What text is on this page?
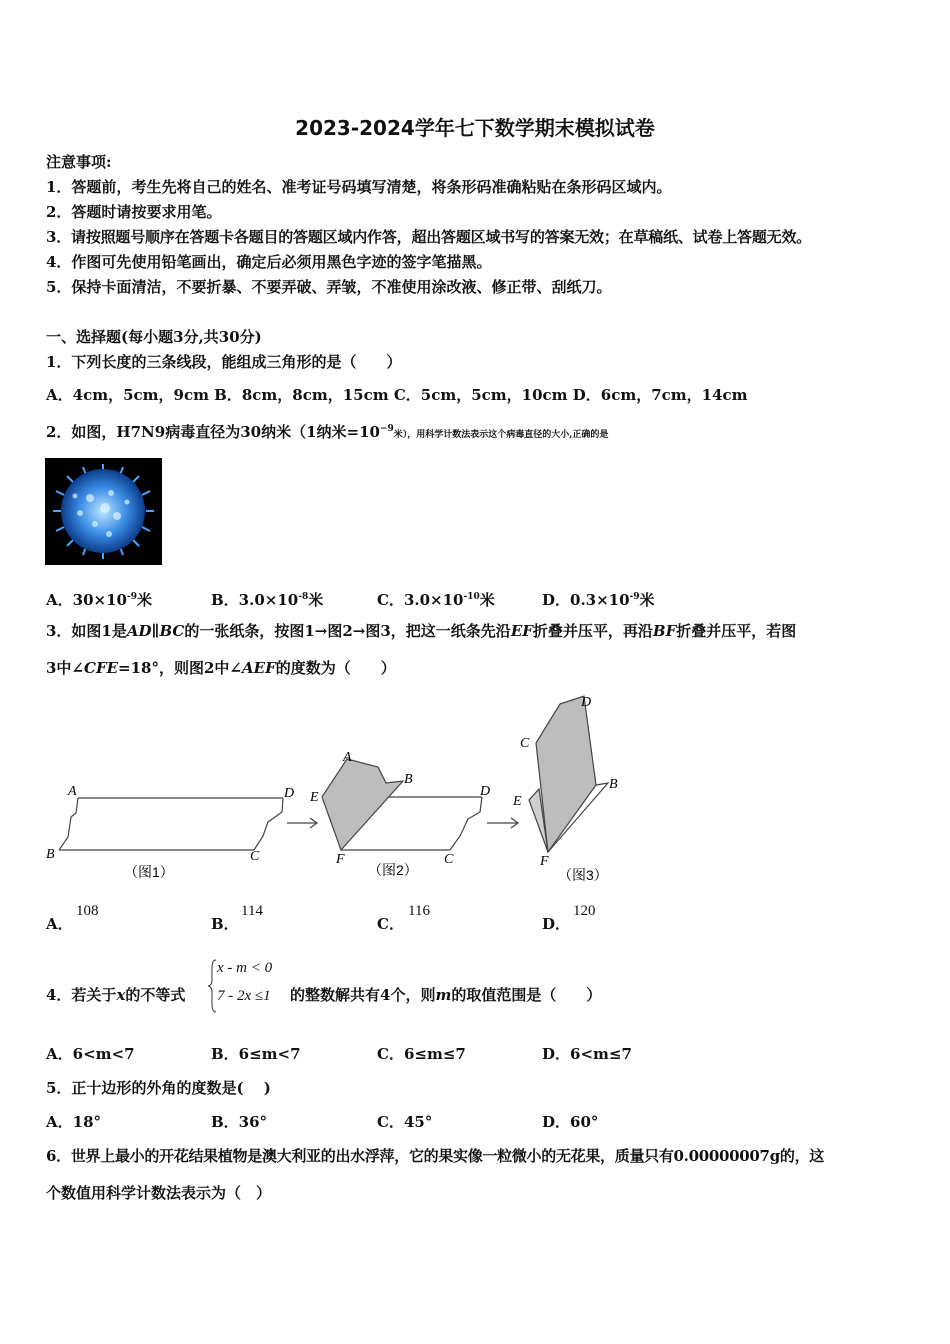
2023-2024学年七下数学期末模拟试卷
注意事项:
1．答题前，考生先将自己的姓名、准考证号码填写清楚，将条形码准确粘贴在条形码区域内。
2．答题时请按要求用笔。
3．请按照题号顺序在答题卡各题目的答题区域内作答，超出答题区域书写的答案无效；在草稿纸、试卷上答题无效。
4．作图可先使用铅笔画出，确定后必须用黑色字迹的签字笔描黑。
5．保持卡面清洁，不要折暴、不要弄破、弄皱，不准使用涂改液、修正带、刮纸刀。
一、选择题(每小题3分,共30分)
1．下列长度的三条线段，能组成三角形的是（　　）
A．4cm，5cm，9cm B．8cm，8cm，15cm C．5cm，5cm，10cm D．6cm，7cm，14cm
2．如图，H7N9病毒直径为30纳米（1纳米$=10^{-9}$米），用科学计数法表示这个病毒直径的大小,正确的是
A．$30\times 10^{-9}$米	B．$3.0\times 10^{-8}$米	C．$3.0\times 10^{-10}$米	D．$0.3\times 10^{-9}$米
3．如图1是AD∥BC的一张纸条，按图1→图2→图3，把这一纸条先沿EF折叠并压平，再沿BF折叠并压平，若图
3中∠CFE=18°，则图2中∠AEF的度数为（　　）
A
B
D
C
（图1）
A
B
E	D
F	C
（图2）
D
C
B
E
F
（图3）
A．
108
B．
114
C．
116
D．
120
4．若关于x的不等式
x - m < 0
7 - 2x ≤1 的整数解共有4个，则m的取值范围是（　　）
A．6<m<7	B．6≤m<7	C．6≤m≤7	D．6<m≤7
5．正十边形的外角的度数是(　 )
A．18°	B．36°	C．45°	D．60°
6．世界上最小的开花结果植物是澳大利亚的出水浮萍，它的果实像一粒微小的无花果，质量只有0.00000007g的，这
个数值用科学计数法表示为（　）
